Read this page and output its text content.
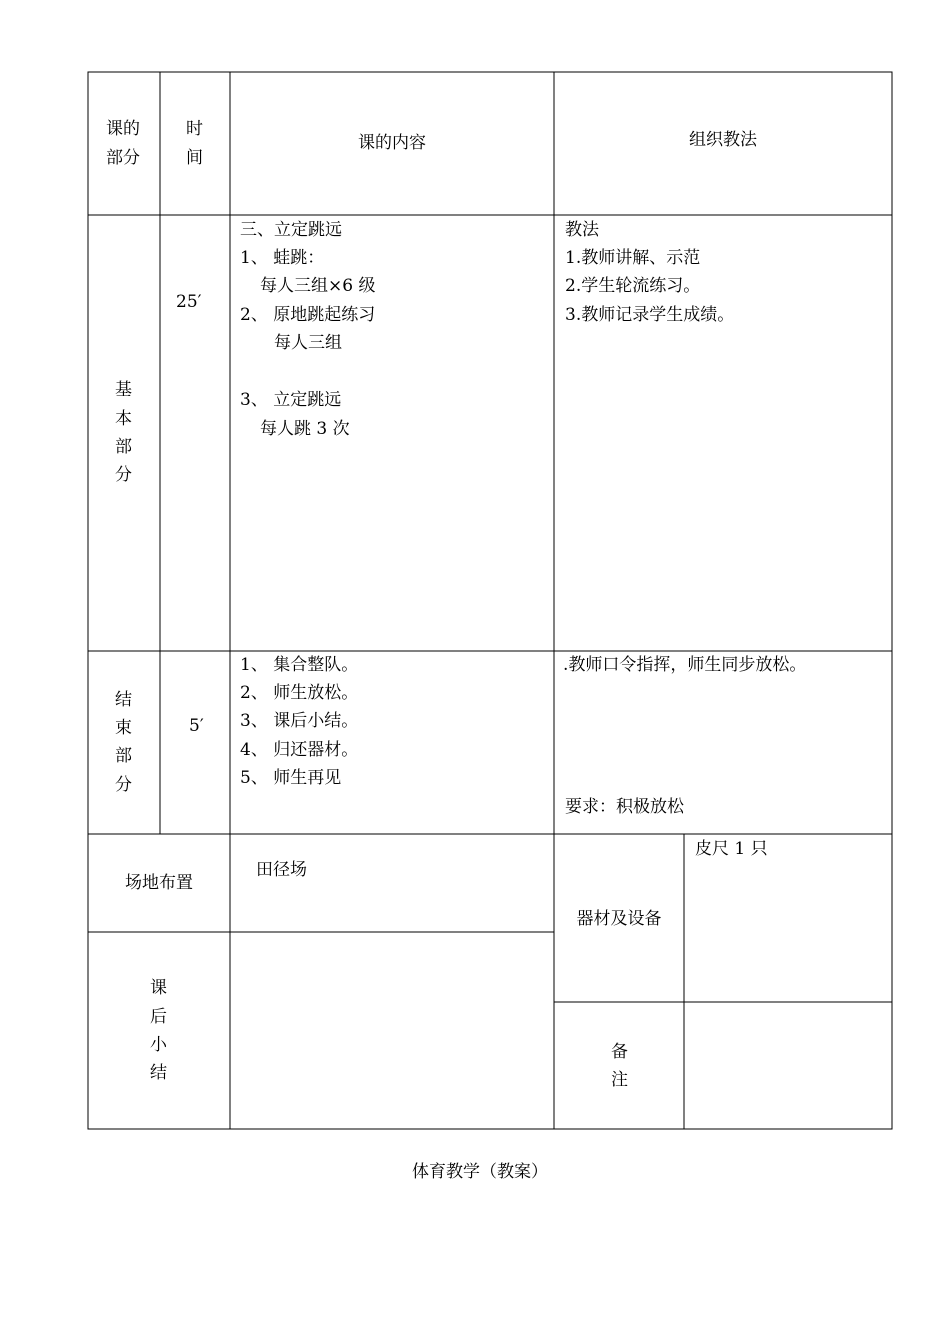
课的
部分
时
间
课的内容	组织教法
基
本
部
分
25′
三、立定跳远
1、 蛙跳：
每人三组×6 级
2、 原地跳起练习
每人三组
3、 立定跳远
每人跳 3 次
教法
1.教师讲解、示范
2.学生轮流练习。
3.教师记录学生成绩。
结
束
部
分
5′
1、 集合整队。
2、 师生放松。
3、 课后小结。
4、 归还器材。
5、 师生再见
.教师口令指挥，师生同步放松。
要求：积极放松
场地布置
田径场
器材及设备
皮尺 1 只
课
后
小
结
备
注
体育教学（教案）
